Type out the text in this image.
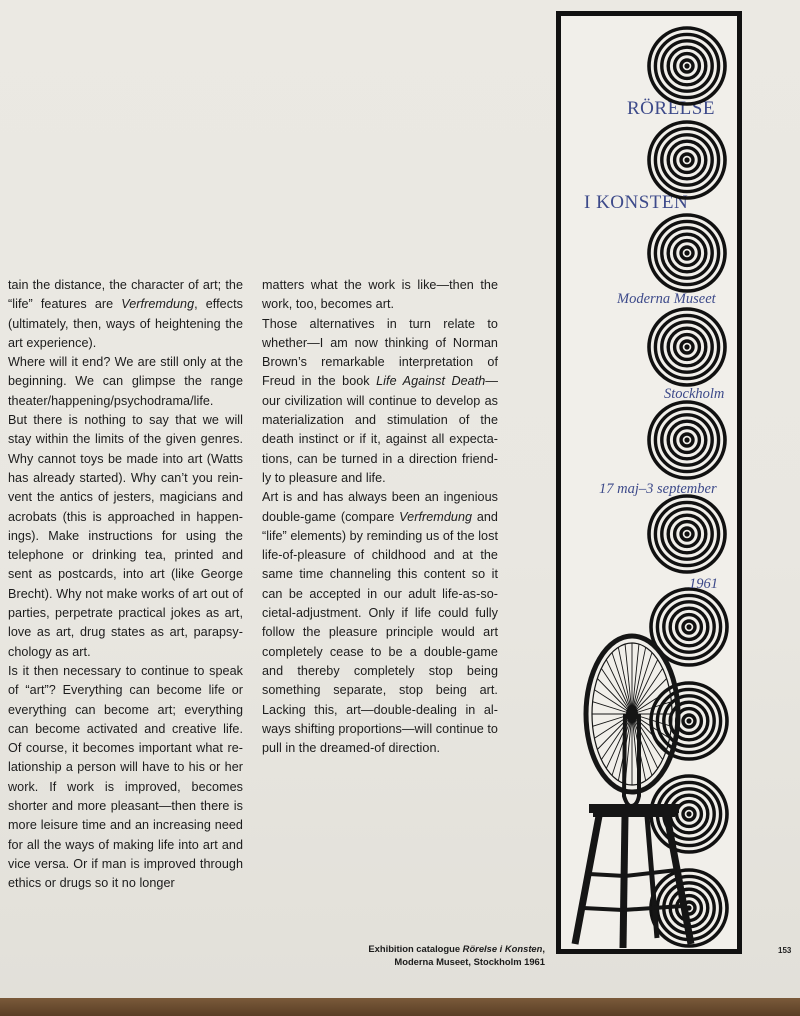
tain the distance, the character of art; the “life” features are Verfremdung, effects (ultimately, then, ways of heightening the art experience).

Where will it end? We are still only at the beginning. We can glimpse the range theater/happening/psychodrama/life.

But there is nothing to say that we will stay within the limits of the given genres. Why cannot toys be made into art (Watts has already started). Why can’t you rein-vent the antics of jesters, magicians and acrobats (this is approached in happen-ings). Make instructions for using the telephone or drinking tea, printed and sent as postcards, into art (like George Brecht). Why not make works of art out of parties, perpetrate practical jokes as art, love as art, drug states as art, parapsy-chology as art.

Is it then necessary to continue to speak of “art”? Everything can become life or everything can become art; everything can become activated and creative life. Of course, it becomes important what re-lationship a person will have to his or her work. If work is improved, becomes shorter and more pleasant—then there is more leisure time and an increasing need for all the ways of making life into art and vice versa. Or if man is improved through ethics or drugs so it no longer

matters what the work is like—then the work, too, becomes art.

Those alternatives in turn relate to whether—I am now thinking of Norman Brown’s remarkable interpretation of Freud in the book Life Against Death—our civilization will continue to develop as materialization and stimulation of the death instinct or if it, against all expecta-tions, can be turned in a direction friend-ly to pleasure and life.

Art is and has always been an ingenious double-game (compare Verfremdung and “life” elements) by reminding us of the lost life-of-pleasure of childhood and at the same time channeling this content so it can be accepted in our adult life-as-so-cietal-adjustment. Only if life could fully follow the pleasure principle would art completely cease to be a double-game and thereby completely stop being something separate, stop being art. Lacking this, art—double-dealing in al-ways shifting proportions—will continue to pull in the dreamed-of direction.

RÖRELSE
I KONSTEN
Moderna Museet
Stockholm
17 maj–3 september
1961
Exhibition catalogue Rörelse i Konsten,
Moderna Museet, Stockholm 1961
153
